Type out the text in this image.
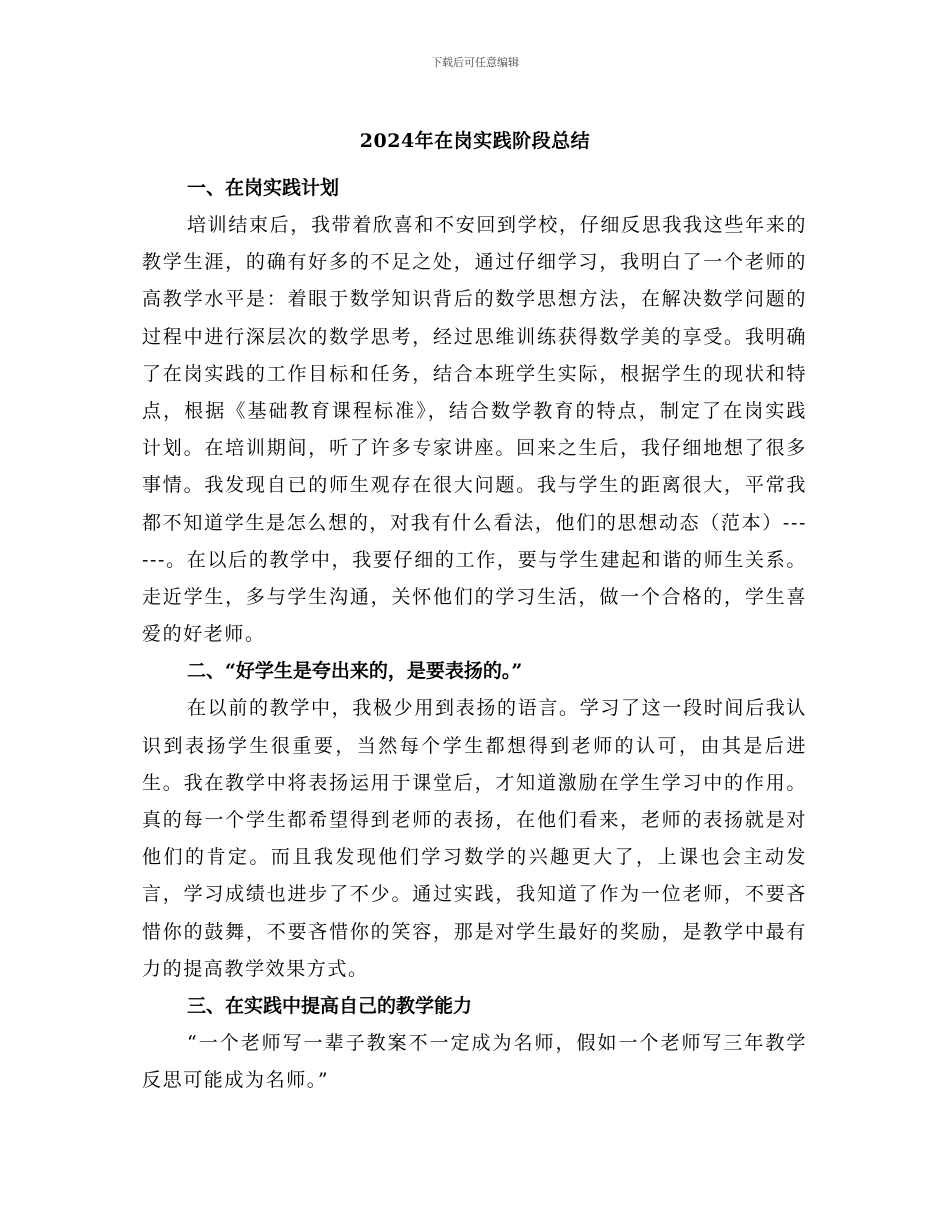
下载后可任意编辑
2024年在岗实践阶段总结
一、在岗实践计划

培训结束后，我带着欣喜和不安回到学校，仔细反思我我这些年来的教学生涯，的确有好多的不足之处，通过仔细学习，我明白了一个老师的高教学水平是：着眼于数学知识背后的数学思想方法，在解决数学问题的过程中进行深层次的数学思考，经过思维训练获得数学美的享受。我明确了在岗实践的工作目标和任务，结合本班学生实际，根据学生的现状和特点，根据《基础教育课程标准》，结合数学教育的特点，制定了在岗实践计划。在培训期间，听了许多专家讲座。回来之生后，我仔细地想了很多事情。我发现自已的师生观存在很大问题。我与学生的距离很大，平常我都不知道学生是怎么想的，对我有什么看法，他们的思想动态（范本）------。在以后的教学中，我要仔细的工作，要与学生建起和谐的师生关系。走近学生，多与学生沟通，关怀他们的学习生活，做一个合格的，学生喜爱的好老师。

二、“好学生是夸出来的，是要表扬的。”

在以前的教学中，我极少用到表扬的语言。学习了这一段时间后我认识到表扬学生很重要，当然每个学生都想得到老师的认可，由其是后进生。我在教学中将表扬运用于课堂后，才知道激励在学生学习中的作用。真的每一个学生都希望得到老师的表扬，在他们看来，老师的表扬就是对他们的肯定。而且我发现他们学习数学的兴趣更大了，上课也会主动发言，学习成绩也进步了不少。通过实践，我知道了作为一位老师，不要吝惜你的鼓舞，不要吝惜你的笑容，那是对学生最好的奖励，是教学中最有力的提高教学效果方式。

三、在实践中提高自己的教学能力

“一个老师写一辈子教案不一定成为名师，假如一个老师写三年教学反思可能成为名师。”
